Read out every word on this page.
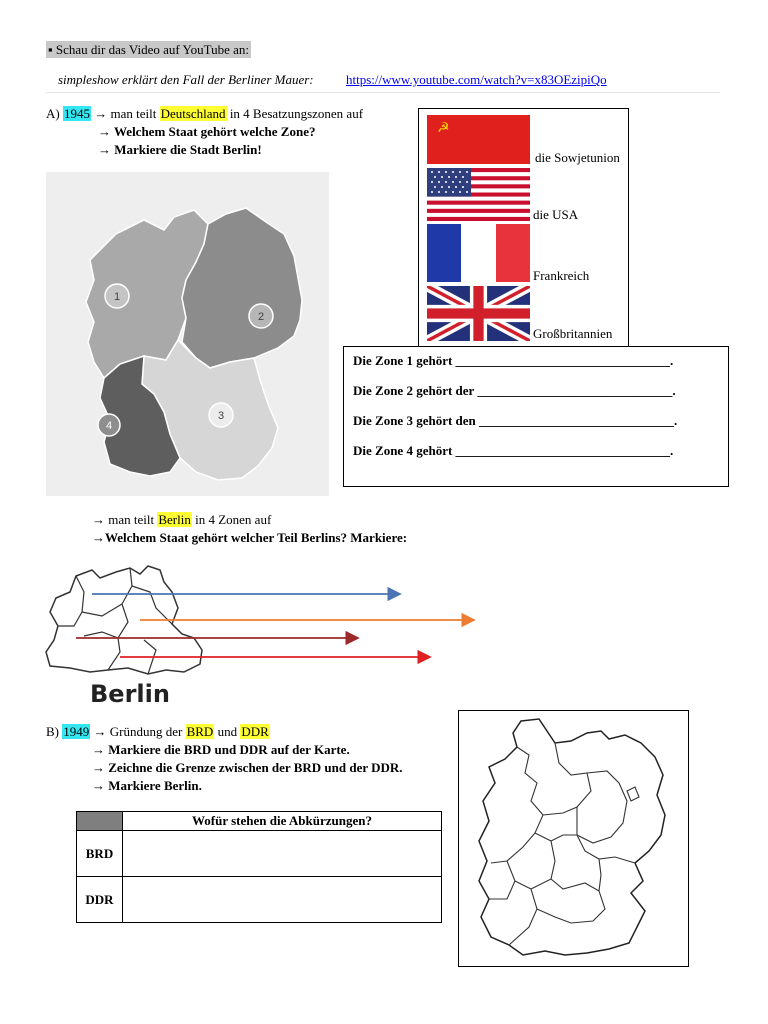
▪ Schau dir das Video auf YouTube an:
simpleshow erklärt den Fall der Berliner Mauer: https://www.youtube.com/watch?v=x83OEzipiQo
A) 1945 → man teilt Deutschland in 4 Besatzungszonen auf
→ Welchem Staat gehört welche Zone?
→ Markiere die Stadt Berlin!
1
2
3
4
☭
die Sowjetunion
die USA
Frankreich
Großbritannien
Die Zone 1 gehört _________________________________.
Die Zone 2 gehört der ______________________________.
Die Zone 3 gehört den ______________________________.
Die Zone 4 gehört _________________________________.
→ man teilt Berlin in 4 Zonen auf
→Welchem Staat gehört welcher Teil Berlins? Markiere:
Berlin
B) 1949 → Gründung der BRD und DDR
→ Markiere die BRD und DDR auf der Karte.
→ Zeichne die Grenze zwischen der BRD und der DDR.
→ Markiere Berlin.
	Wofür stehen die Abkürzungen?
BRD	
DDR	
